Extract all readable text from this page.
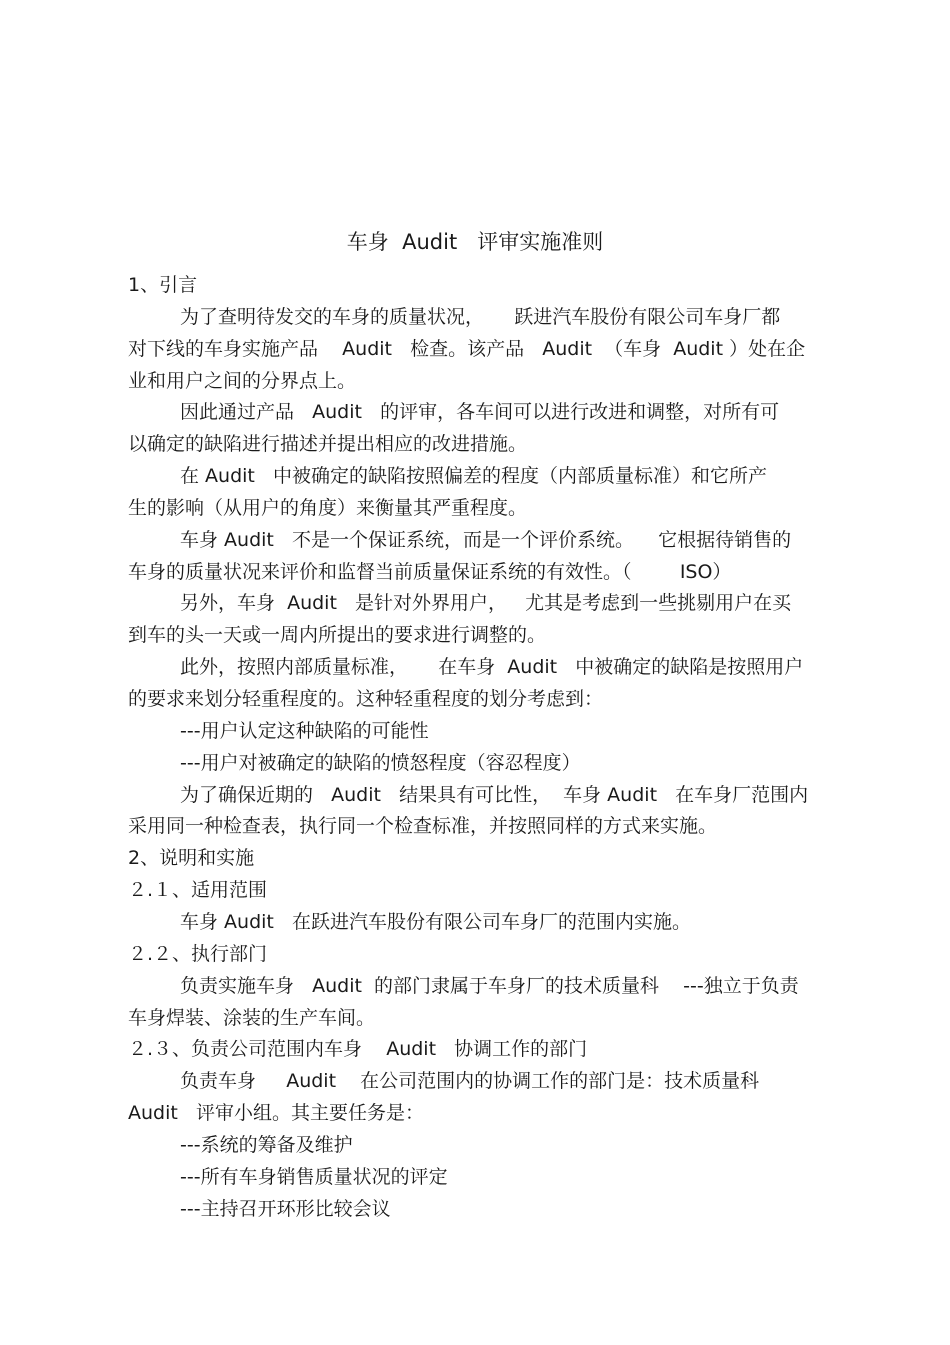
车身  Audit   评审实施准则
1、引言
为了查明待发交的车身的质量状况，     跃进汽车股份有限公司车身厂都
对下线的车身实施产品    Audit   检查。该产品   Audit  （车身  Audit ）处在企
业和用户之间的分界点上。
因此通过产品   Audit   的评审，各车间可以进行改进和调整，对所有可
以确定的缺陷进行描述并提出相应的改进措施。
在 Audit   中被确定的缺陷按照偏差的程度（内部质量标准）和它所产
生的影响（从用户的角度）来衡量其严重程度。
车身 Audit   不是一个保证系统，而是一个评价系统。    它根据待销售的
车身的质量状况来评价和监督当前质量保证系统的有效性。（        ISO）
另外，车身  Audit   是针对外界用户，   尤其是考虑到一些挑剔用户在买
到车的头一天或一周内所提出的要求进行调整的。
此外，按照内部质量标准，     在车身  Audit   中被确定的缺陷是按照用户
的要求来划分轻重程度的。这种轻重程度的划分考虑到：
---用户认定这种缺陷的可能性
---用户对被确定的缺陷的愤怒程度（容忍程度）
为了确保近期的   Audit   结果具有可比性，  车身 Audit   在车身厂范围内
采用同一种检查表，执行同一个检查标准，并按照同样的方式来实施。
2、说明和实施
２.１、适用范围
车身 Audit   在跃进汽车股份有限公司车身厂的范围内实施。
２.２、执行部门
负责实施车身   Audit  的部门隶属于车身厂的技术质量科    ---独立于负责
车身焊装、涂装的生产车间。
２.３、负责公司范围内车身    Audit   协调工作的部门
负责车身     Audit    在公司范围内的协调工作的部门是：技术质量科
Audit   评审小组。其主要任务是：
---系统的筹备及维护
---所有车身销售质量状况的评定
---主持召开环形比较会议
